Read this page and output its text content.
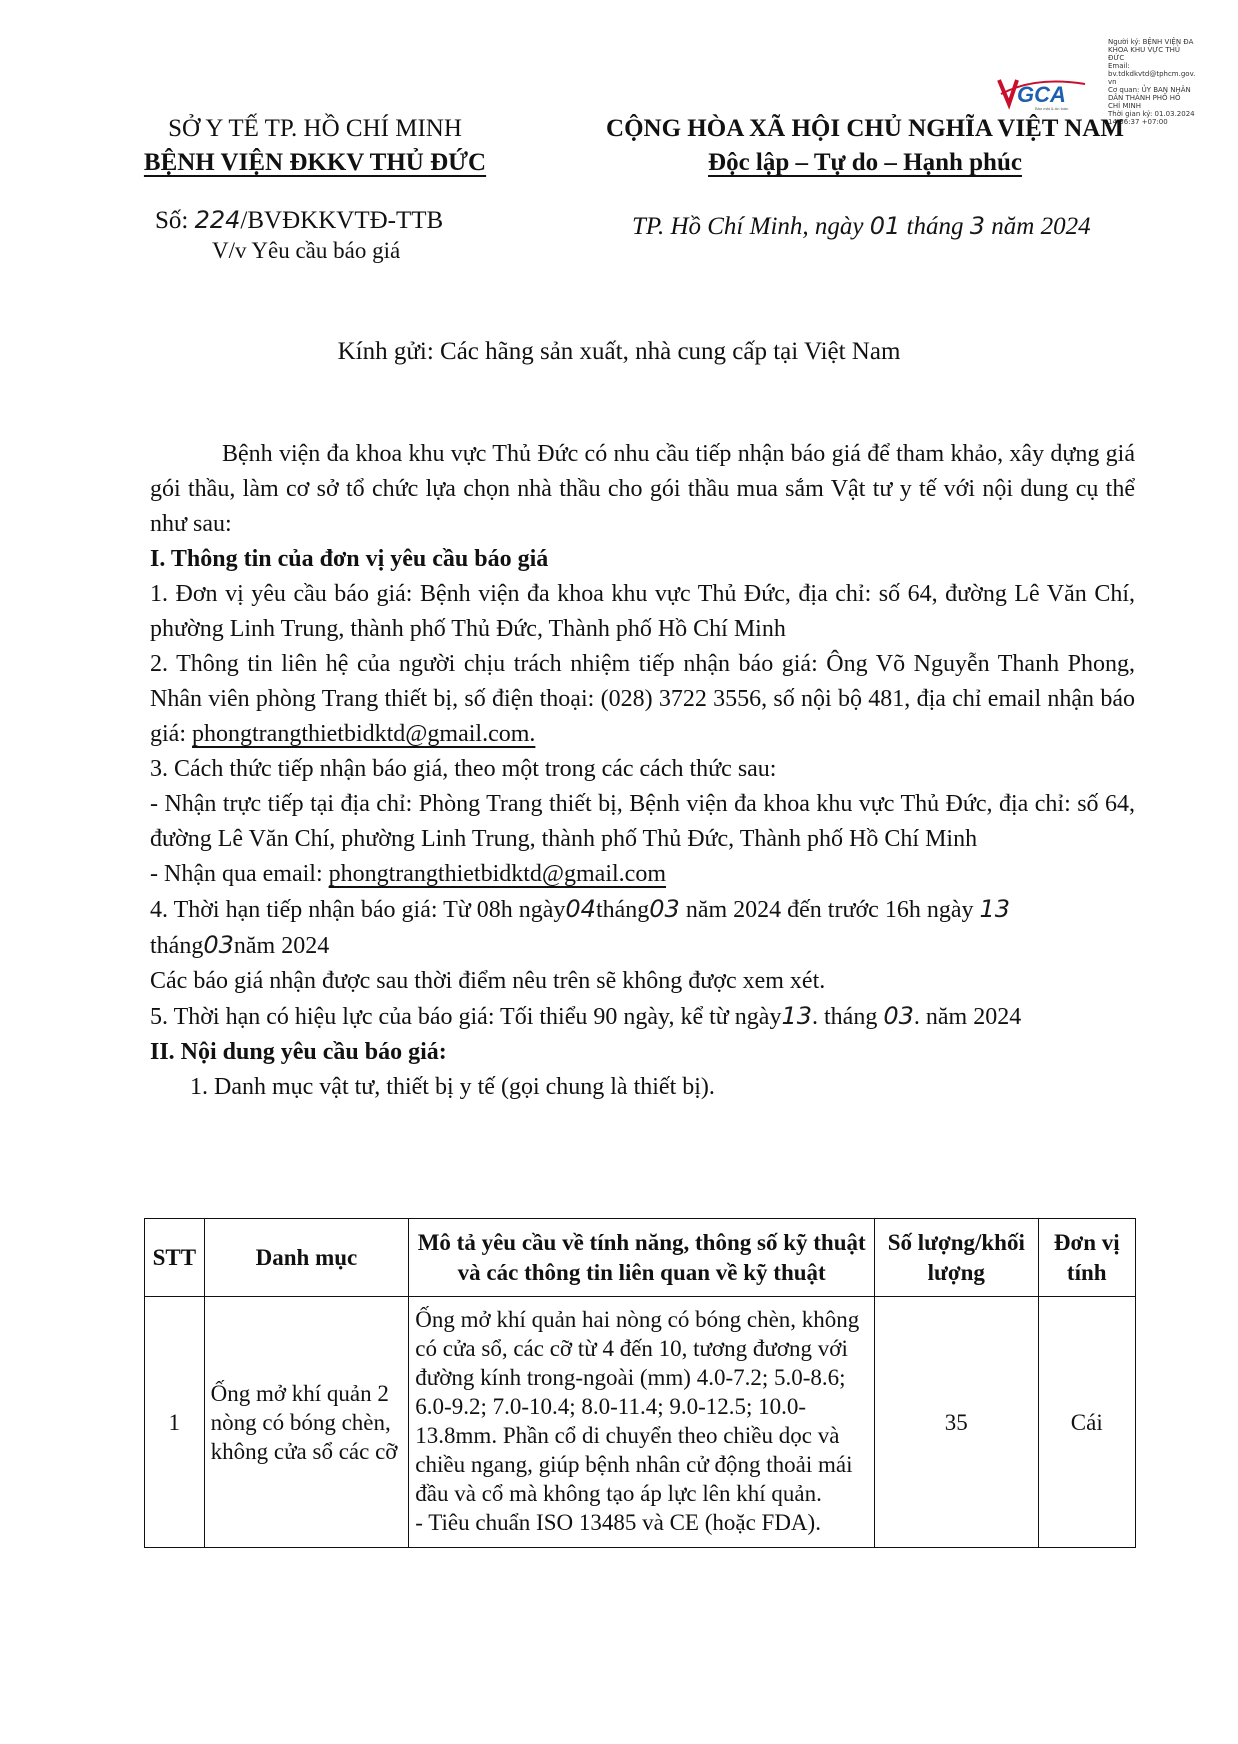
Người ký: BỆNH VIỆN ĐA
KHOA KHU VỰC THỦ
ĐỨC
Email:
bv.tdkdkvtd@tphcm.gov.
vn
Cơ quan: ỦY BAN NHÂN
DÂN THÀNH PHỐ HỒ
CHÍ MINH
Thời gian ký: 01.03.2024
14:36:37 +07:00
GCA
Bảo mật & An toàn
SỞ Y TẾ TP. HỒ CHÍ MINH
BỆNH VIỆN ĐKKV THỦ ĐỨC
CỘNG HÒA XÃ HỘI CHỦ NGHĨA VIỆT NAM
Độc lập – Tự do – Hạnh phúc
Số: 224/BVĐKKVTĐ-TTB
V/v Yêu cầu báo giá
TP. Hồ Chí Minh, ngày 01 tháng 3 năm 2024
Kính gửi: Các hãng sản xuất, nhà cung cấp tại Việt Nam

Bệnh viện đa khoa khu vực Thủ Đức có nhu cầu tiếp nhận báo giá để tham khảo, xây dựng giá gói thầu, làm cơ sở tổ chức lựa chọn nhà thầu cho gói thầu mua sắm Vật tư y tế với nội dung cụ thể như sau:

I. Thông tin của đơn vị yêu cầu báo giá

1. Đơn vị yêu cầu báo giá: Bệnh viện đa khoa khu vực Thủ Đức, địa chỉ: số 64, đường Lê Văn Chí, phường Linh Trung, thành phố Thủ Đức, Thành phố Hồ Chí Minh

2. Thông tin liên hệ của người chịu trách nhiệm tiếp nhận báo giá: Ông Võ Nguyễn Thanh Phong, Nhân viên phòng Trang thiết bị, số điện thoại: (028) 3722 3556, số nội bộ 481, địa chỉ email nhận báo giá: phongtrangthietbidktd@gmail.com.

3. Cách thức tiếp nhận báo giá, theo một trong các cách thức sau:

- Nhận trực tiếp tại địa chỉ: Phòng Trang thiết bị, Bệnh viện đa khoa khu vực Thủ Đức, địa chỉ: số 64, đường Lê Văn Chí, phường Linh Trung, thành phố Thủ Đức, Thành phố Hồ Chí Minh

- Nhận qua email: phongtrangthietbidktd@gmail.com

4. Thời hạn tiếp nhận báo giá: Từ 08h ngày04tháng03 năm 2024 đến trước 16h ngày 13 tháng03năm 2024

Các báo giá nhận được sau thời điểm nêu trên sẽ không được xem xét.

5. Thời hạn có hiệu lực của báo giá: Tối thiểu 90 ngày, kể từ ngày13. tháng 03. năm 2024

II. Nội dung yêu cầu báo giá:

1. Danh mục vật tư, thiết bị y tế (gọi chung là thiết bị).

STT	Danh mục	Mô tả yêu cầu về tính năng, thông số kỹ thuật và các thông tin liên quan về kỹ thuật	Số lượng/khối lượng	Đơn vị tính
1	Ống mở khí quản 2 nòng có bóng chèn, không cửa sổ các cỡ	Ống mở khí quản hai nòng có bóng chèn, không có cửa sổ, các cỡ từ 4 đến 10, tương đương với đường kính trong-ngoài (mm) 4.0-7.2; 5.0-8.6; 6.0-9.2; 7.0-10.4; 8.0-11.4; 9.0-12.5; 10.0-13.8mm. Phần cổ di chuyển theo chiều dọc và chiều ngang, giúp bệnh nhân cử động thoải mái đầu và cổ mà không tạo áp lực lên khí quản.
- Tiêu chuẩn ISO 13485 và CE (hoặc FDA).	35	Cái
